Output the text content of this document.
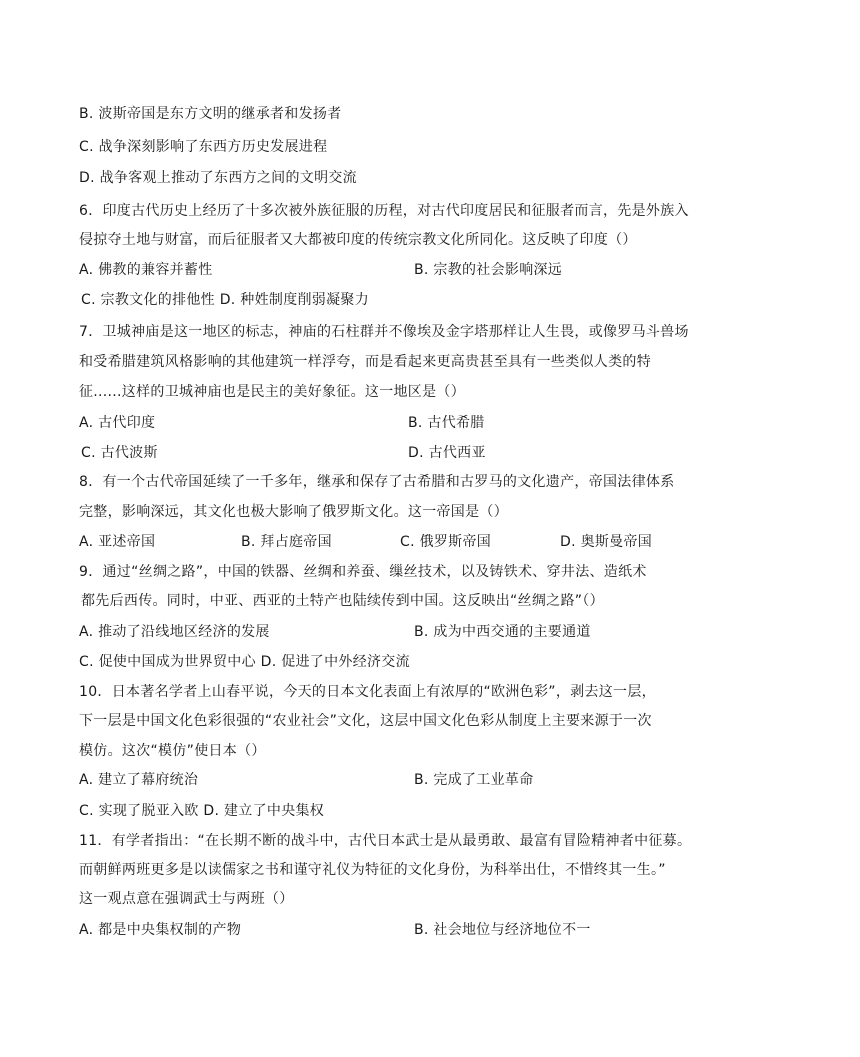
B. 波斯帝国是东方文明的继承者和发扬者
C. 战争深刻影响了东西方历史发展进程
D. 战争客观上推动了东西方之间的文明交流
6．印度古代历史上经历了十多次被外族征服的历程，对古代印度居民和征服者而言，先是外族入
侵掠夺土地与财富，而后征服者又大都被印度的传统宗教文化所同化。这反映了印度（）
A. 佛教的兼容并蓄性	B. 宗教的社会影响深远
C. 宗教文化的排他性 D. 种姓制度削弱凝聚力
7．卫城神庙是这一地区的标志，神庙的石柱群并不像埃及金字塔那样让人生畏，或像罗马斗兽场
和受希腊建筑风格影响的其他建筑一样浮夸，而是看起来更高贵甚至具有一些类似人类的特
征......这样的卫城神庙也是民主的美好象征。这一地区是（）
A. 古代印度	B. 古代希腊
C. 古代波斯	D. 古代西亚
8．有一个古代帝国延续了一千多年，继承和保存了古希腊和古罗马的文化遗产，帝国法律体系
完整，影响深远，其文化也极大影响了俄罗斯文化。这一帝国是（）
A. 亚述帝国	B. 拜占庭帝国	C. 俄罗斯帝国	D. 奥斯曼帝国
9．通过“丝绸之路”，中国的铁器、丝绸和养蚕、缫丝技术，以及铸铁术、穿井法、造纸术
都先后西传。同时，中亚、西亚的土特产也陆续传到中国。这反映出“丝绸之路”（）
A. 推动了沿线地区经济的发展	B. 成为中西交通的主要通道
C. 促使中国成为世界贸中心 D. 促进了中外经济交流
10．日本著名学者上山春平说，今天的日本文化表面上有浓厚的“欧洲色彩”，剥去这一层，
下一层是中国文化色彩很强的“农业社会”文化，这层中国文化色彩从制度上主要来源于一次
模仿。这次“模仿”使日本（）
A. 建立了幕府统治	B. 完成了工业革命
C. 实现了脱亚入欧 D. 建立了中央集权
11．有学者指出：“在长期不断的战斗中，古代日本武士是从最勇敢、最富有冒险精神者中征募。
而朝鲜两班更多是以读儒家之书和谨守礼仪为特征的文化身份，为科举出仕，不惜终其一生。”
这一观点意在强调武士与两班（）
A. 都是中央集权制的产物	B. 社会地位与经济地位不一
